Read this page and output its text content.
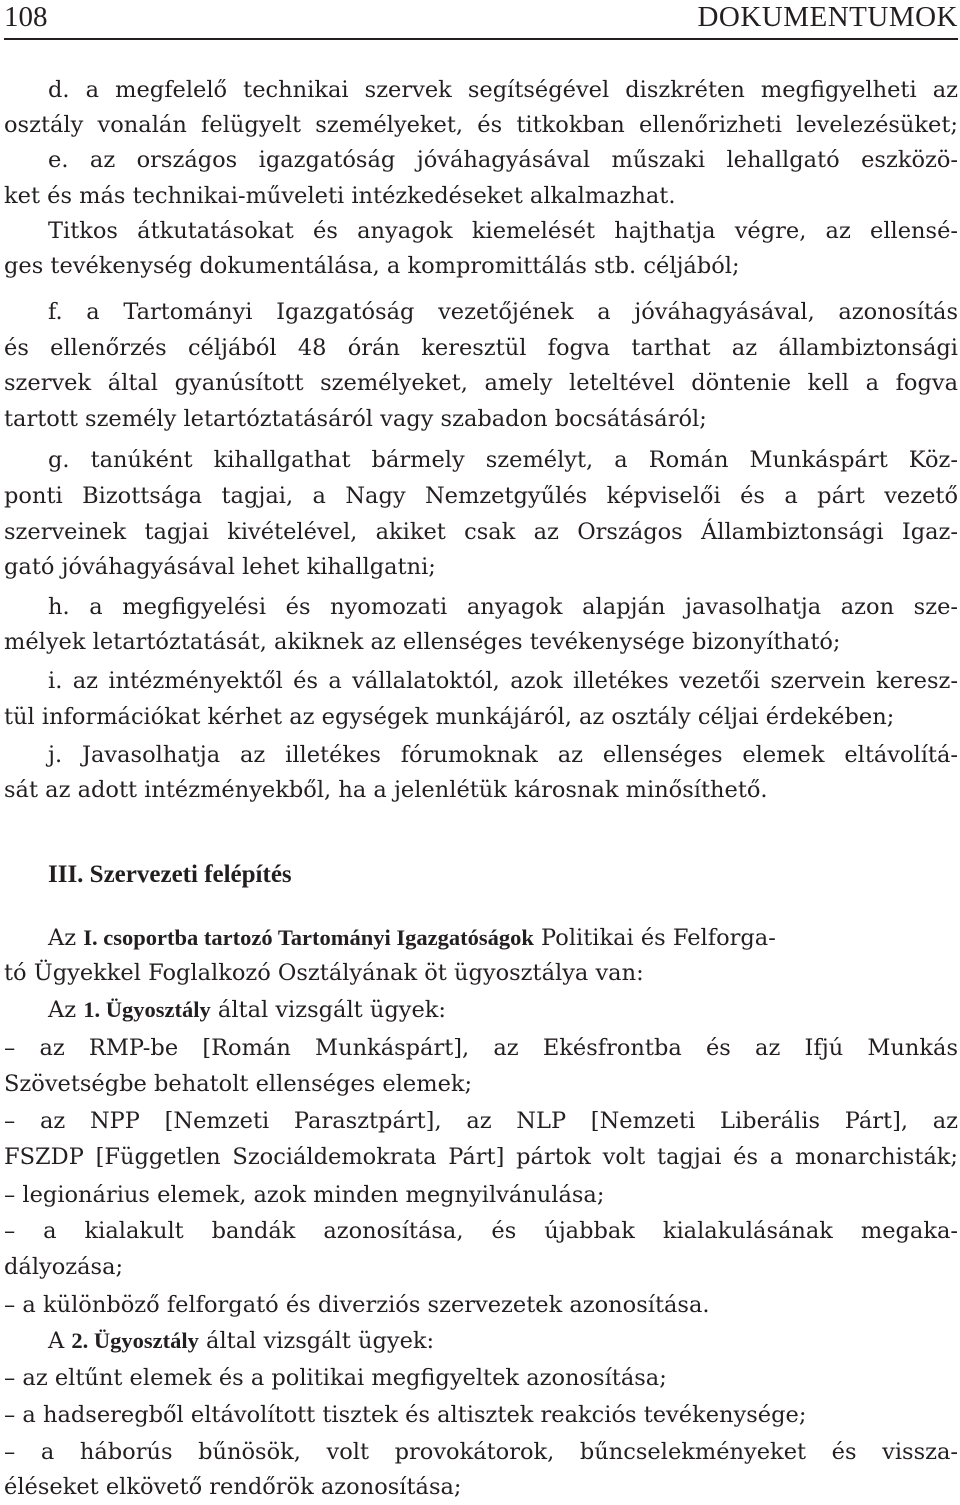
108	DOKUMENTUMOK
d. a megfelelő technikai szervek segítségével diszkréten megfigyelheti az
osztály vonalán felügyelt személyeket, és titkokban ellenőrizheti levelezésüket;
e. az országos igazgatóság jóváhagyásával műszaki lehallgató eszközö-
ket és más technikai-műveleti intézkedéseket alkalmazhat.
Titkos átkutatásokat és anyagok kiemelését hajthatja végre, az ellensé-
ges tevékenység dokumentálása, a kompromittálás stb. céljából;
f. a Tartományi Igazgatóság vezetőjének a jóváhagyásával, azonosítás
és ellenőrzés céljából 48 órán keresztül fogva tarthat az állambiztonsági
szervek által gyanúsított személyeket, amely leteltével döntenie kell a fogva
tartott személy letartóztatásáról vagy szabadon bocsátásáról;
g. tanúként kihallgathat bármely személyt, a Román Munkáspárt Köz-
ponti Bizottsága tagjai, a Nagy Nemzetgyűlés képviselői és a párt vezető
szerveinek tagjai kivételével, akiket csak az Országos Állambiztonsági Igaz-
gató jóváhagyásával lehet kihallgatni;
h. a megfigyelési és nyomozati anyagok alapján javasolhatja azon sze-
mélyek letartóztatását, akiknek az ellenséges tevékenysége bizonyítható;
i. az intézményektől és a vállalatoktól, azok illetékes vezetői szervein keresz-
tül információkat kérhet az egységek munkájáról, az osztály céljai érdekében;
j. Javasolhatja az illetékes fórumoknak az ellenséges elemek eltávolítá-
sát az adott intézményekből, ha a jelenlétük károsnak minősíthető.
III. Szervezeti felépítés
Az I. csoportba tartozó Tartományi Igazgatóságok Politikai és Felforga-
tó Ügyekkel Foglalkozó Osztályának öt ügyosztálya van:
Az 1. Ügyosztály által vizsgált ügyek:
– az RMP-be [Román Munkáspárt], az Ekésfrontba és az Ifjú Munkás
Szövetségbe behatolt ellenséges elemek;
– az NPP [Nemzeti Parasztpárt], az NLP [Nemzeti Liberális Párt], az
FSZDP [Független Szociáldemokrata Párt] pártok volt tagjai és a monarchisták;
– legionárius elemek, azok minden megnyilvánulása;
– a kialakult bandák azonosítása, és újabbak kialakulásának megaka-
dályozása;
– a különböző felforgató és diverziós szervezetek azonosítása.
A 2. Ügyosztály által vizsgált ügyek:
– az eltűnt elemek és a politikai megfigyeltek azonosítása;
– a hadseregből eltávolított tisztek és altisztek reakciós tevékenysége;
– a háborús bűnösök, volt provokátorok, bűncselekményeket és vissza-
éléseket elkövető rendőrök azonosítása;
